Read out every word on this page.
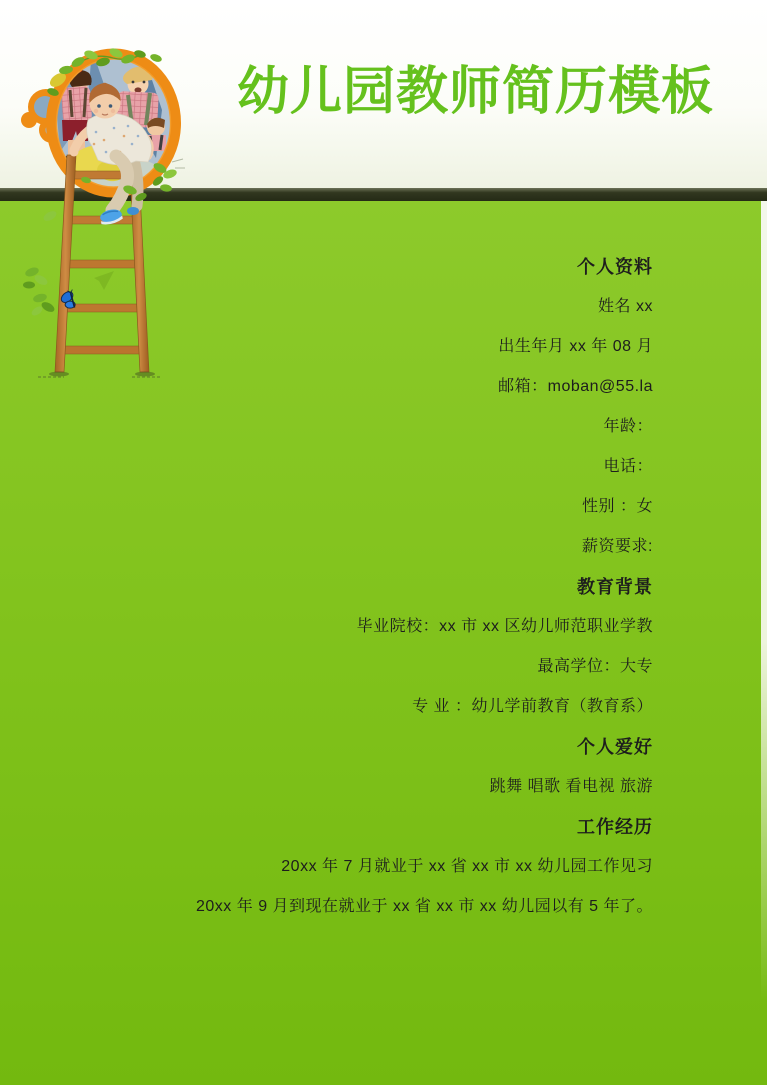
幼儿园教师简历模板
个人资料
姓名 xx
出生年月 xx 年 08 月
邮箱：moban@55.la
年龄：
电话：
性别 ：女
薪资要求:
教育背景
毕业院校：xx 市 xx 区幼儿师范职业学教
最高学位：大专
专 业 ：幼儿学前教育（教育系）
个人爱好
跳舞 唱歌 看电视 旅游
工作经历
20xx 年 7 月就业于 xx 省 xx 市 xx 幼儿园工作见习
20xx 年 9 月到现在就业于 xx 省 xx 市 xx 幼儿园以有 5 年了。
